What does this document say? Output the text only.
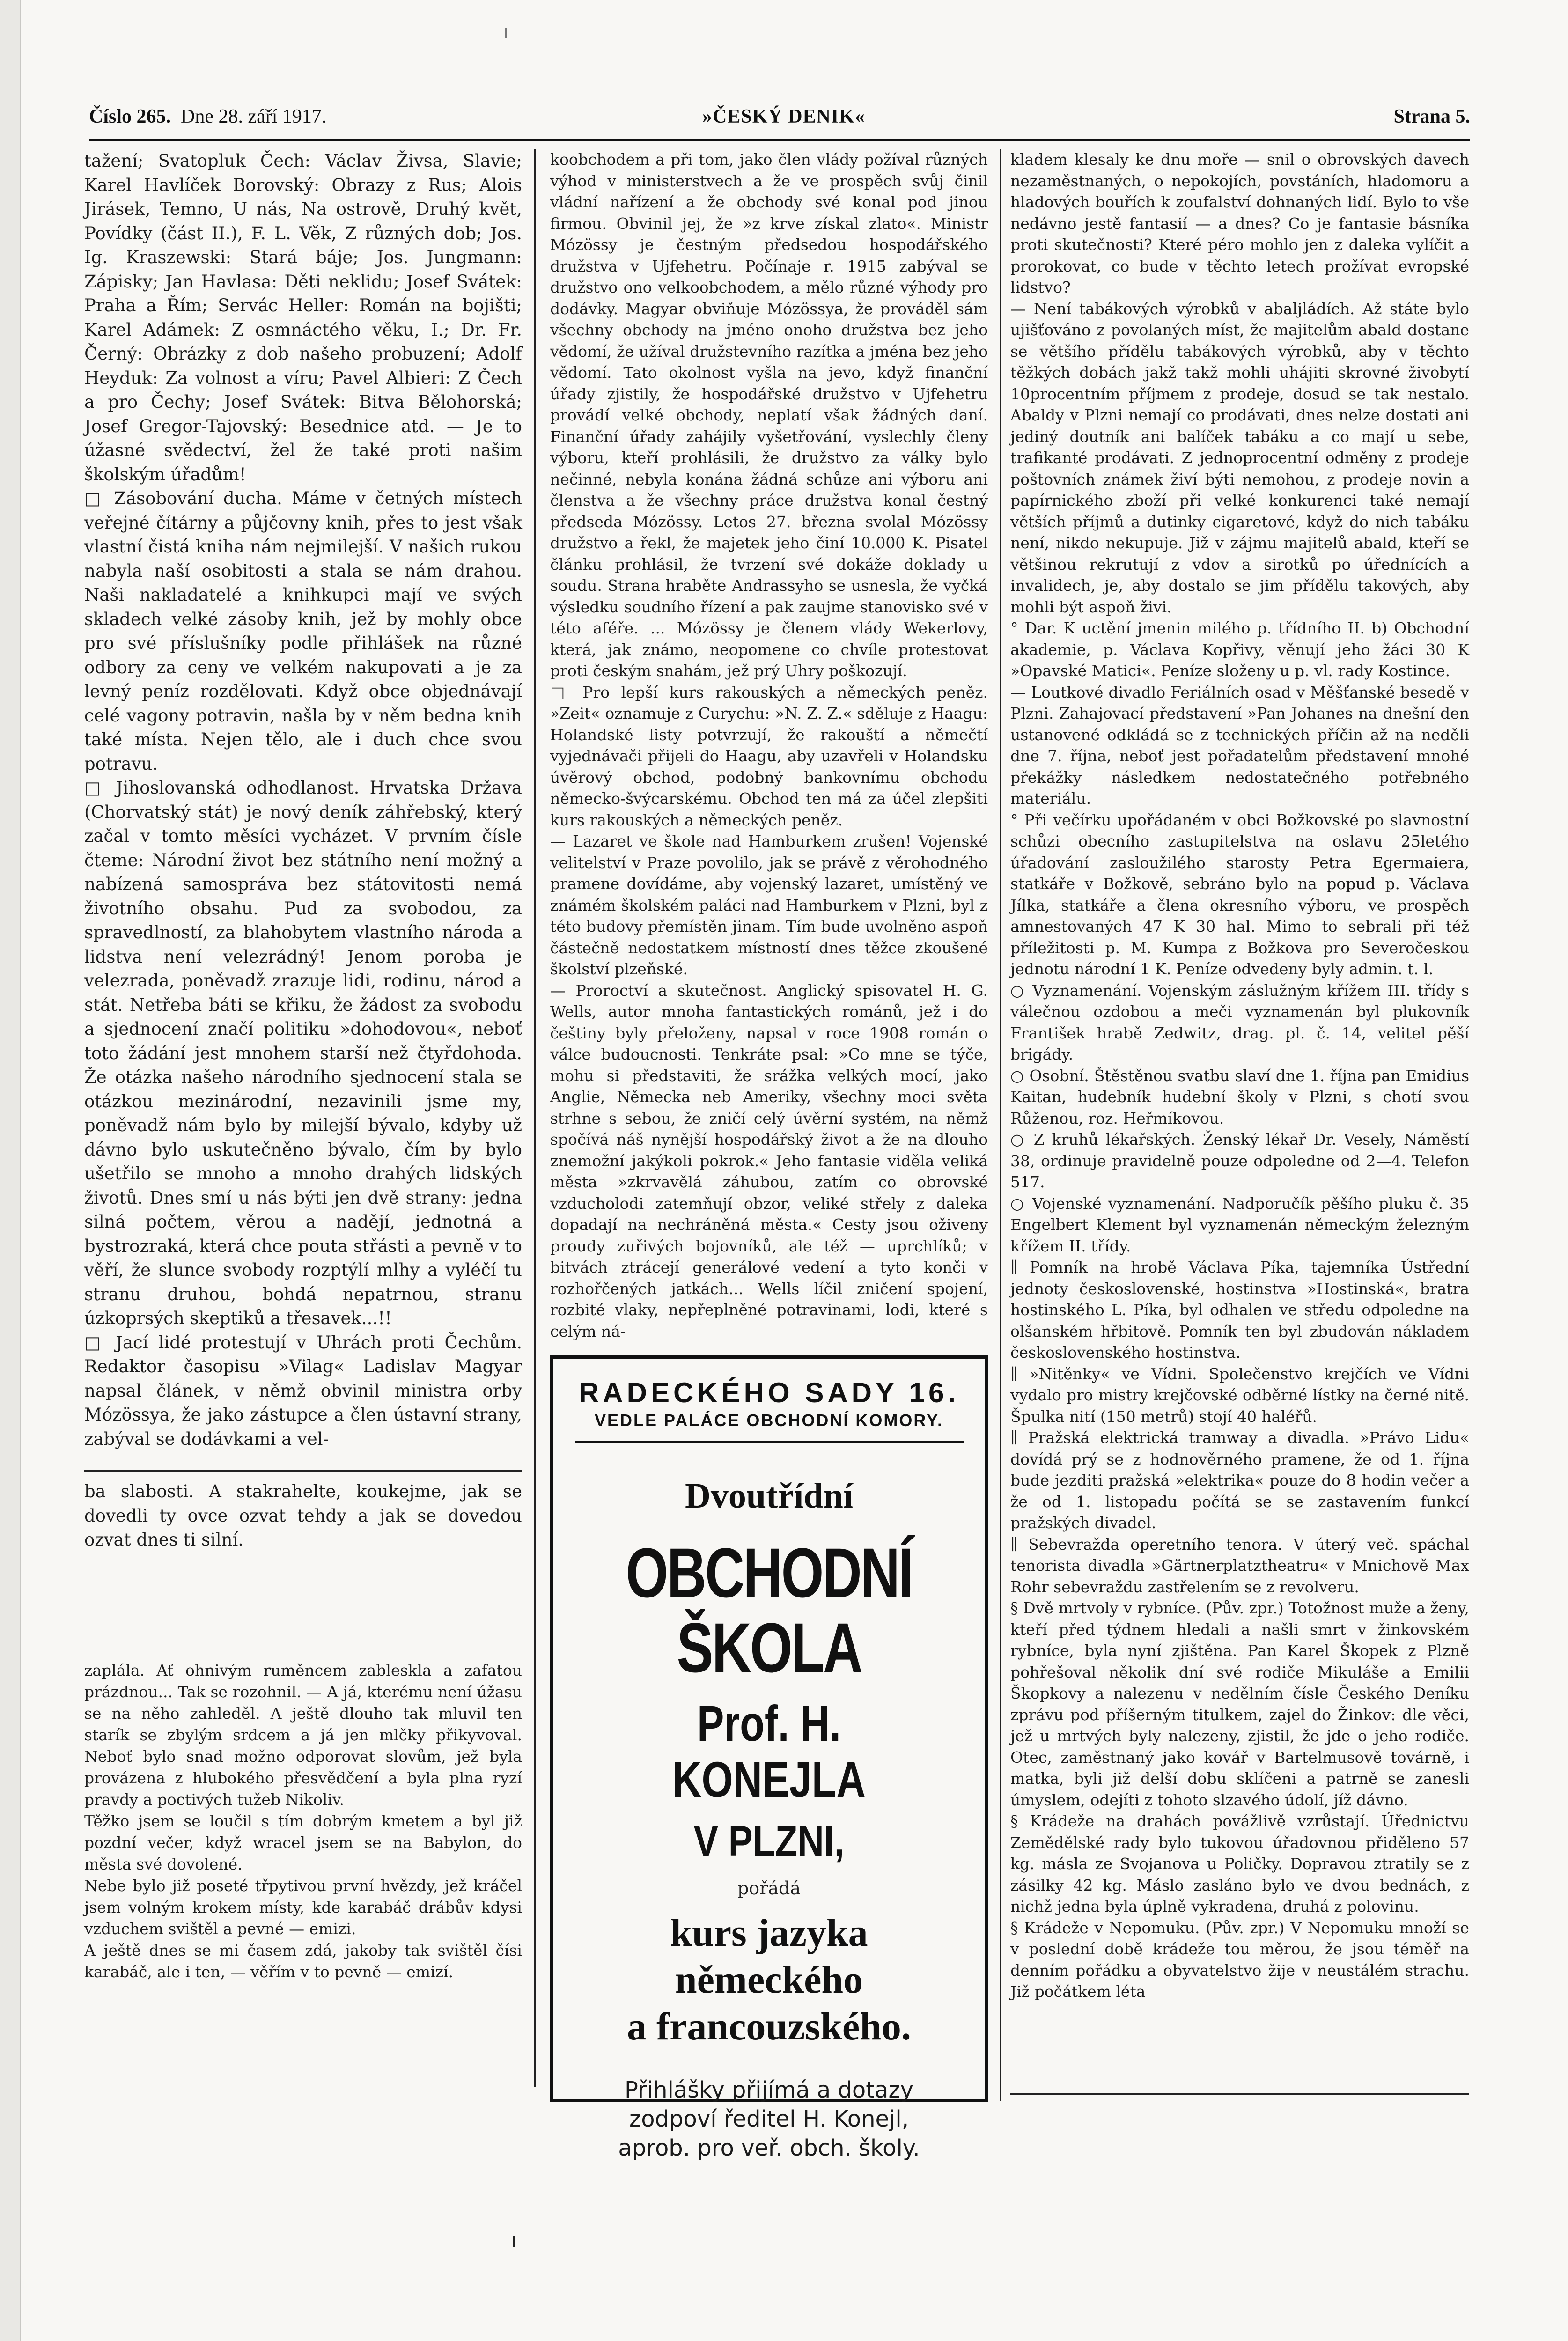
Číslo 265. Dne 28. září 1917.	»ČESKÝ DENIK«	Strana 5.

tažení; Svatopluk Čech: Václav Živsa, Slavie; Karel Havlíček Borovský: Obrazy z Rus; Alois Jirásek, Temno, U nás, Na ostrově, Druhý květ, Povídky (část II.), F. L. Věk, Z různých dob; Jos. Ig. Kraszewski: Stará báje; Jos. Jungmann: Zápisky; Jan Havlasa: Děti neklidu; Josef Svátek: Praha a Řím; Servác Heller: Román na bojišti; Karel Adámek: Z osmnáctého věku, I.; Dr. Fr. Černý: Obrázky z dob našeho probuzení; Adolf Heyduk: Za volnost a víru; Pavel Albieri: Z Čech a pro Čechy; Josef Svátek: Bitva Bělohorská; Josef Gregor-Tajovský: Besednice atd. — Je to úžasné svědectví, žel že také proti našim školským úřadům!

□ Zásobování ducha. Máme v četných místech veřejné čítárny a půjčovny knih, přes to jest však vlastní čistá kniha nám nejmilejší. V našich rukou nabyla naší osobitosti a stala se nám drahou. Naši nakladatelé a knihkupci mají ve svých skladech velké zásoby knih, jež by mohly obce pro své příslušníky podle přihlášek na různé odbory za ceny ve velkém nakupovati a je za levný peníz rozdělovati. Když obce objednávají celé vagony potravin, našla by v něm bedna knih také místa. Nejen tělo, ale i duch chce svou potravu.

□ Jihoslovanská odhodlanost. Hrvatska Država (Chorvatský stát) je nový deník záhřebský, který začal v tomto měsíci vycházet. V prvním čísle čteme: Národní život bez státního není možný a nabízená samospráva bez státovitosti nemá životního obsahu. Pud za svobodou, za spravedlností, za blahobytem vlastního národa a lidstva není velezrádný! Jenom poroba je velezrada, poněvadž zrazuje lidi, rodinu, národ a stát. Netřeba báti se křiku, že žádost za svobodu a sjednocení značí politiku »dohodovou«, neboť toto žádání jest mnohem starší než čtyřdohoda. Že otázka našeho národního sjednocení stala se otázkou mezinárodní, nezavinili jsme my, poněvadž nám bylo by milejší bývalo, kdyby už dávno bylo uskutečněno bývalo, čím by bylo ušetřilo se mnoho a mnoho drahých lidských životů. Dnes smí u nás býti jen dvě strany: jedna silná počtem, věrou a nadějí, jednotná a bystrozraká, která chce pouta střásti a pevně v to věří, že slunce svobody rozptýlí mlhy a vyléčí tu stranu druhou, bohdá nepatrnou, stranu úzkoprsých skeptiků a třesavek...!!

□ Jací lidé protestují v Uhrách proti Čechům. Redaktor časopisu »Vilag« Ladislav Magyar napsal článek, v němž obvinil ministra orby Mózössya, že jako zástupce a člen ústavní strany, zabýval se dodávkami a vel-

ba slabosti. A stakrahelte, koukejme, jak se dovedli ty ovce ozvat tehdy a jak se dovedou ozvat dnes ti silní.

zaplála. Ať ohnivým ruměncem zableskla a zafatou prázdnou... Tak se rozohnil. — A já, kterému není úžasu se na něho zahleděl. A ještě dlouho tak mluvil ten starík se zbylým srdcem a já jen mlčky přikyvoval. Neboť bylo snad možno odporovat slovům, jež byla provázena z hlubokého přesvědčení a byla plna ryzí pravdy a poctivých tužeb Nikoliv.

Těžko jsem se loučil s tím dobrým kmetem a byl již pozdní večer, když wracel jsem se na Babylon, do města své dovolené.

Nebe bylo již poseté třpytivou první hvězdy, jež kráčel jsem volným krokem místy, kde karabáč drábův kdysi vzduchem svištěl a pevné — emizi.

A ještě dnes se mi časem zdá, jakoby tak svištěl čísi karabáč, ale i ten, — věřím v to pevně — emizí.

koobchodem a při tom, jako člen vlády požíval různých výhod v ministerstvech a že ve prospěch svůj činil vládní nařízení a že obchody své konal pod jinou firmou. Obvinil jej, že »z krve získal zlato«. Ministr Mózössy je čestným předsedou hospodářského družstva v Ujfehetru. Počínaje r. 1915 zabýval se družstvo ono velkoobchodem, a mělo různé výhody pro dodávky. Magyar obviňuje Mózössya, že prováděl sám všechny obchody na jméno onoho družstva bez jeho vědomí, že užíval družstevního razítka a jména bez jeho vědomí. Tato okolnost vyšla na jevo, když finanční úřady zjistily, že hospodářské družstvo v Ujfehetru provádí velké obchody, neplatí však žádných daní. Finanční úřady zahájily vyšetřování, vyslechly členy výboru, kteří prohlásili, že družstvo za války bylo nečinné, nebyla konána žádná schůze ani výboru ani členstva a že všechny práce družstva konal čestný předseda Mózössy. Letos 27. března svolal Mózössy družstvo a řekl, že majetek jeho činí 10.000 K. Pisatel článku prohlásil, že tvrzení své dokáže doklady u soudu. Strana hraběte Andrassyho se usnesla, že vyčká výsledku soudního řízení a pak zaujme stanovisko své v této aféře. ... Mózössy je členem vlády Wekerlovy, která, jak známo, neopomene co chvíle protestovat proti českým snahám, jež prý Uhry poškozují.

□ Pro lepší kurs rakouských a německých peněz. »Zeit« oznamuje z Curychu: »N. Z. Z.« sděluje z Haagu: Holandské listy potvrzují, že rakouští a němečtí vyjednávači přijeli do Haagu, aby uzavřeli v Holandsku úvěrový obchod, podobný bankovnímu obchodu německo-švýcarskému. Obchod ten má za účel zlepšiti kurs rakouských a německých peněz.

— Lazaret ve škole nad Hamburkem zrušen! Vojenské velitelství v Praze povolilo, jak se právě z věrohodného pramene dovídáme, aby vojenský lazaret, umístěný ve známém školském paláci nad Hamburkem v Plzni, byl z této budovy přemístěn jinam. Tím bude uvolněno aspoň částečně nedostatkem místností dnes těžce zkoušené školství plzeňské.

— Proroctví a skutečnost. Anglický spisovatel H. G. Wells, autor mnoha fantastických románů, jež i do češtiny byly přeloženy, napsal v roce 1908 román o válce budoucnosti. Tenkráte psal: »Co mne se týče, mohu si představiti, že srážka velkých mocí, jako Anglie, Německa neb Ameriky, všechny moci světa strhne s sebou, že zničí celý úvěrní systém, na němž spočívá náš nynější hospodářský život a že na dlouho znemožní jakýkoli pokrok.« Jeho fantasie viděla veliká města »zkrvavělá záhubou, zatím co obrovské vzducholodi zatemňují obzor, veliké střely z daleka dopadají na nechráněná města.« Cesty jsou oživeny proudy zuřivých bojovníků, ale též — uprchlíků; v bitvách ztrácejí generálové vedení a tyto konči v rozhořčených jatkách... Wells líčil zničení spojení, rozbité vlaky, nepřeplněné potravinami, lodi, které s celým ná-

RADECKÉHO SADY 16.
VEDLE PALÁCE OBCHODNÍ KOMORY.
Dvoutřídní
OBCHODNÍ ŠKOLA
Prof. H. KONEJLA
V PLZNI,
pořádá
kurs jazyka
německého
a francouzského.
Přihlášky přijímá a dotazy
zodpoví ředitel H. Konejl,
aprob. pro veř. obch. školy.

kladem klesaly ke dnu moře — snil o obrovských davech nezaměstnaných, o nepokojích, povstáních, hladomoru a hladových bouřích k zoufalství dohnaných lidí. Bylo to vše nedávno jestě fantasií — a dnes? Co je fantasie básníka proti skutečnosti? Které péro mohlo jen z daleka vylíčit a prorokovat, co bude v těchto letech prožívat evropské lidstvo?

— Není tabákových výrobků v abaljládích. Až státe bylo ujišťováno z povolaných míst, že majitelům abald dostane se většího přídělu tabákových výrobků, aby v těchto těžkých dobách jakž takž mohli uhájiti skrovné živobytí 10procentním příjmem z prodeje, dosud se tak nestalo. Abaldy v Plzni nemají co prodávati, dnes nelze dostati ani jediný doutník ani balíček tabáku a co mají u sebe, trafikanté prodávati. Z jednoprocentní odměny z prodeje poštovních známek živí býti nemohou, z prodeje novin a papírnického zboží při velké konkurenci také nemají větších příjmů a dutinky cigaretové, když do nich tabáku není, nikdo nekupuje. Již v zájmu majitelů abald, kteří se většinou rekrutují z vdov a sirotků po úřednících a invalidech, je, aby dostalo se jim přídělu takových, aby mohli být aspoň živi.

° Dar. K uctění jmenin milého p. třídního II. b) Obchodní akademie, p. Václava Kopřivy, věnují jeho žáci 30 K »Opavské Matici«. Peníze složeny u p. vl. rady Kostince.

— Loutkové divadlo Feriálních osad v Měšťanské besedě v Plzni. Zahajovací představení »Pan Johanes na dnešní den ustanovené odkládá se z technických příčin až na neděli dne 7. října, neboť jest pořadatelům představení mnohé překážky následkem nedostatečného potřebného materiálu.

° Při večírku upořádaném v obci Božkovské po slavnostní schůzi obecního zastupitelstva na oslavu 25letého úřadování zasloužilého starosty Petra Egermaiera, statkáře v Božkově, sebráno bylo na popud p. Václava Jílka, statkáře a člena okresního výboru, ve prospěch amnestovaných 47 K 30 hal. Mimo to sebrali při též příležitosti p. M. Kumpa z Božkova pro Severočeskou jednotu národní 1 K. Peníze odvedeny byly admin. t. l.

○ Vyznamenání. Vojenským záslužným křížem III. třídy s válečnou ozdobou a meči vyznamenán byl plukovník František hrabě Zedwitz, drag. pl. č. 14, velitel pěší brigády.

○ Osobní. Štěstěnou svatbu slaví dne 1. října pan Emidius Kaitan, hudebník hudební školy v Plzni, s chotí svou Růženou, roz. Heřmíkovou.

○ Z kruhů lékařských. Ženský lékař Dr. Vesely, Náměstí 38, ordinuje pravidelně pouze odpoledne od 2—4. Telefon 517.

○ Vojenské vyznamenání. Nadporučík pěšího pluku č. 35 Engelbert Klement byl vyznamenán německým železným křížem II. třídy.

∥ Pomník na hrobě Václava Píka, tajemníka Ústřední jednoty československé, hostinstva »Hostinská«, bratra hostinského L. Píka, byl odhalen ve středu odpoledne na olšanském hřbitově. Pomník ten byl zbudován nákladem československého hostinstva.

∥ »Nitěnky« ve Vídni. Společenstvo krejčích ve Vídni vydalo pro mistry krejčovské odběrné lístky na černé nitě. Špulka nití (150 metrů) stojí 40 haléřů.

∥ Pražská elektrická tramway a divadla. »Právo Lidu« dovídá prý se z hodnověrného pramene, že od 1. října bude jezditi pražská »elektrika« pouze do 8 hodin večer a že od 1. listopadu počítá se se zastavením funkcí pražských divadel.

∥ Sebevražda operetního tenora. V úterý več. spáchal tenorista divadla »Gärtnerplatztheatru« v Mnichově Max Rohr sebevraždu zastřelením se z revolveru.

§ Dvě mrtvoly v rybníce. (Pův. zpr.) Totožnost muže a ženy, kteří před týdnem hledali a našli smrt v žinkovském rybníce, byla nyní zjištěna. Pan Karel Škopek z Plzně pohřešoval několik dní své rodiče Mikuláše a Emilii Škopkovy a nalezenu v nedělním čísle Českého Deníku zprávu pod příšerným titulkem, zajel do Žinkov: dle věci, jež u mrtvých byly nalezeny, zjistil, že jde o jeho rodiče. Otec, zaměstnaný jako kovář v Bartelmusově továrně, i matka, byli již delší dobu sklíčeni a patrně se zanesli úmyslem, odejíti z tohoto slzavého údolí, jíž dávno.

§ Krádeže na drahách povážlivě vzrůstají. Úřednictvu Zemědělské rady bylo tukovou úřadovnou přiděleno 57 kg. másla ze Svojanova u Poličky. Dopravou ztratily se z zásilky 42 kg. Máslo zasláno bylo ve dvou bednách, z nichž jedna byla úplně vykradena, druhá z polovinu.

§ Krádeže v Nepomuku. (Pův. zpr.) V Nepomuku množí se v poslední době krádeže tou měrou, že jsou téměř na denním pořádku a obyvatelstvo žije v neustálém strachu. Již počátkem léta
